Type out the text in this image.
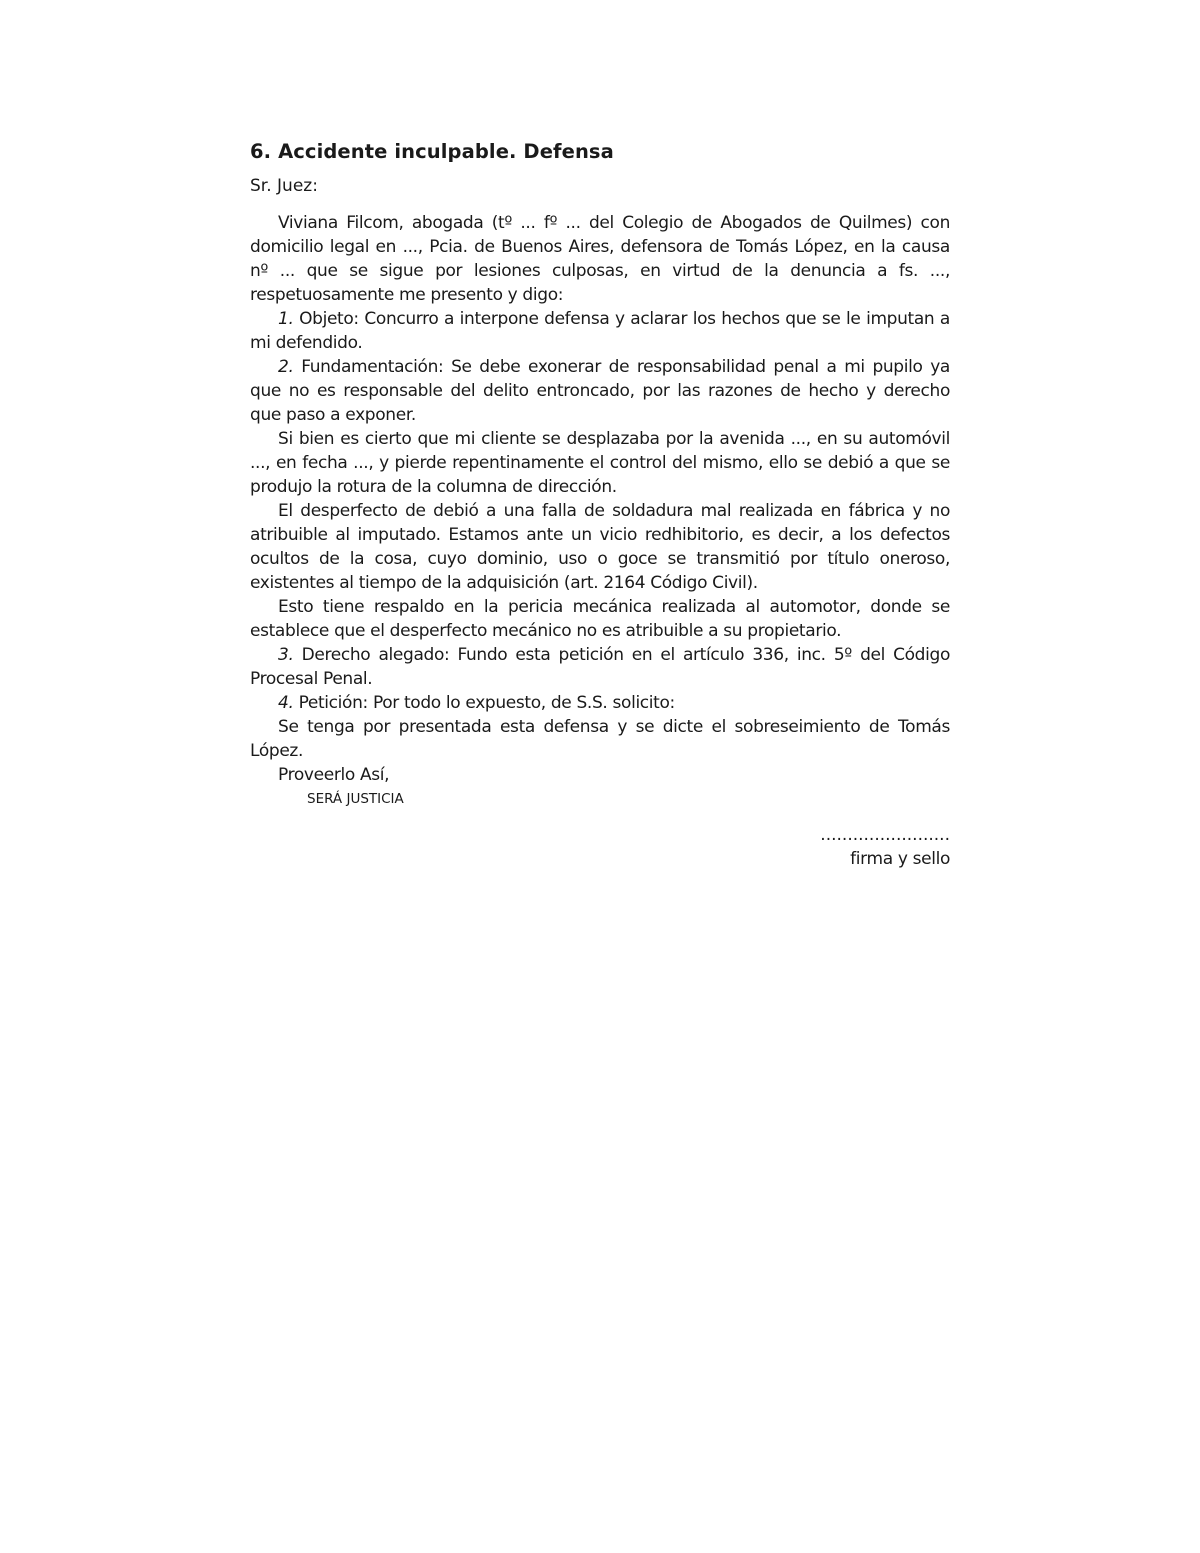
6. Accidente inculpable. Defensa

Sr. Juez:

Viviana Filcom, abogada (tº ... fº ... del Colegio de Abogados de Quilmes) con domicilio legal en ..., Pcia. de Buenos Aires, defensora de Tomás López, en la causa nº ... que se sigue por lesiones culposas, en virtud de la denuncia a fs. ..., respetuosamente me presento y digo:

1. Objeto: Concurro a interpone defensa y aclarar los hechos que se le imputan a mi defendido.

2. Fundamentación: Se debe exonerar de responsabilidad penal a mi pupilo ya que no es responsable del delito entroncado, por las razones de hecho y derecho que paso a exponer.

Si bien es cierto que mi cliente se desplazaba por la avenida ..., en su automóvil ..., en fecha ..., y pierde repentinamente el control del mismo, ello se debió a que se produjo la rotura de la columna de dirección.

El desperfecto de debió a una falla de soldadura mal realizada en fábrica y no atribuible al imputado. Estamos ante un vicio redhibitorio, es decir, a los defectos ocultos de la cosa, cuyo dominio, uso o goce se transmitió por título oneroso, existentes al tiempo de la adquisición (art. 2164 Código Civil).

Esto tiene respaldo en la pericia mecánica realizada al automotor, donde se establece que el desperfecto mecánico no es atribuible a su propietario.

3. Derecho alegado: Fundo esta petición en el artículo 336, inc. 5º del Código Procesal Penal.

4. Petición: Por todo lo expuesto, de S.S. solicito:

Se tenga por presentada esta defensa y se dicte el sobreseimiento de Tomás López.

Proveerlo Así,

SERÁ JUSTICIA

........................
firma y sello
